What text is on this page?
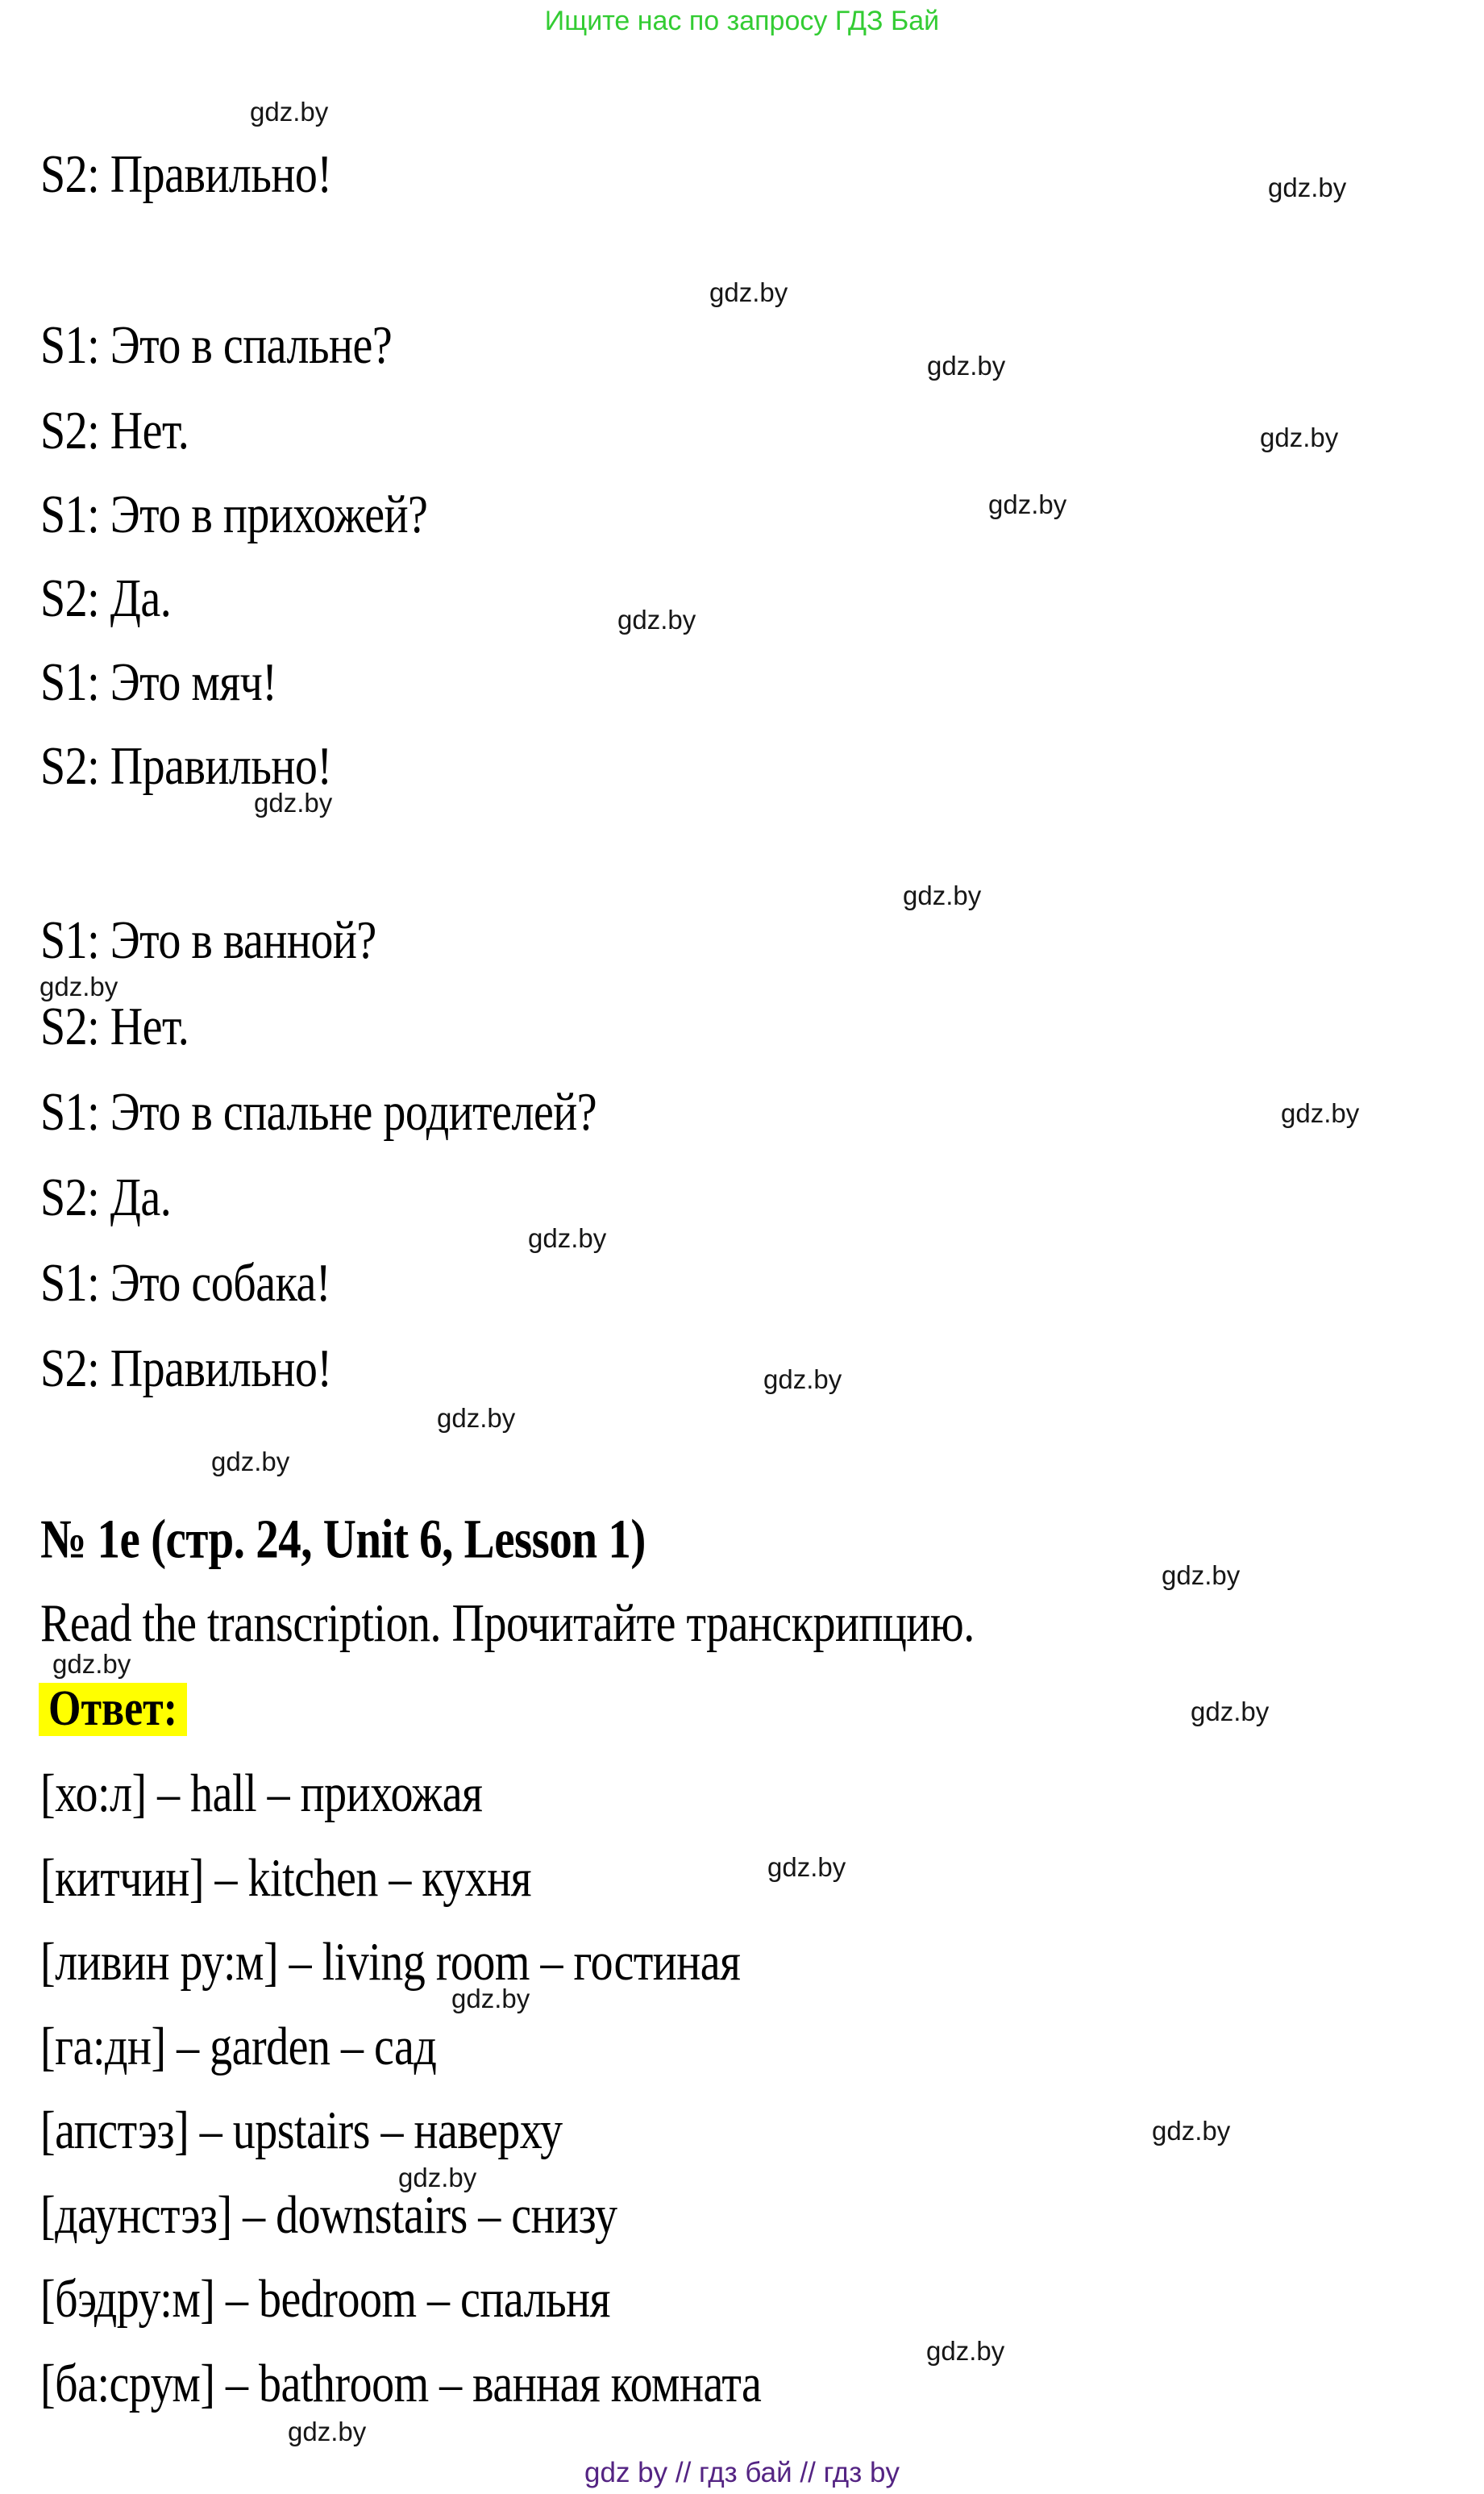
Ищите нас по запросу ГДЗ Бай
S2: Правильно!
S1: Это в спальне?
S2: Нет.
S1: Это в прихожей?
S2: Да.
S1: Это мяч!
S2: Правильно!
S1: Это в ванной?
S2: Нет.
S1: Это в спальне родителей?
S2: Да.
S1: Это собака!
S2: Правильно!
№ 1e (стр. 24, Unit 6, Lesson 1)
Read the transcription. Прочитайте транскрипцию.
Ответ:
[хо:л] – hall – прихожая
[китчин] – kitchen – кухня
[ливин ру:м] – living room – гостиная
[га:дн] – garden – сад
[апстэз] – upstairs – наверху
[даунстэз] – downstairs – снизу
[бэдру:м] – bedroom – спальня
[ба:срум] – bathroom – ванная комната
gdz.by
gdz.by
gdz.by
gdz.by
gdz.by
gdz.by
gdz.by
gdz.by
gdz.by
gdz.by
gdz.by
gdz.by
gdz.by
gdz.by
gdz.by
gdz.by
gdz.by
gdz.by
gdz.by
gdz.by
gdz.by
gdz.by
gdz.by
gdz.by
gdz by // гдз бай // гдз by
